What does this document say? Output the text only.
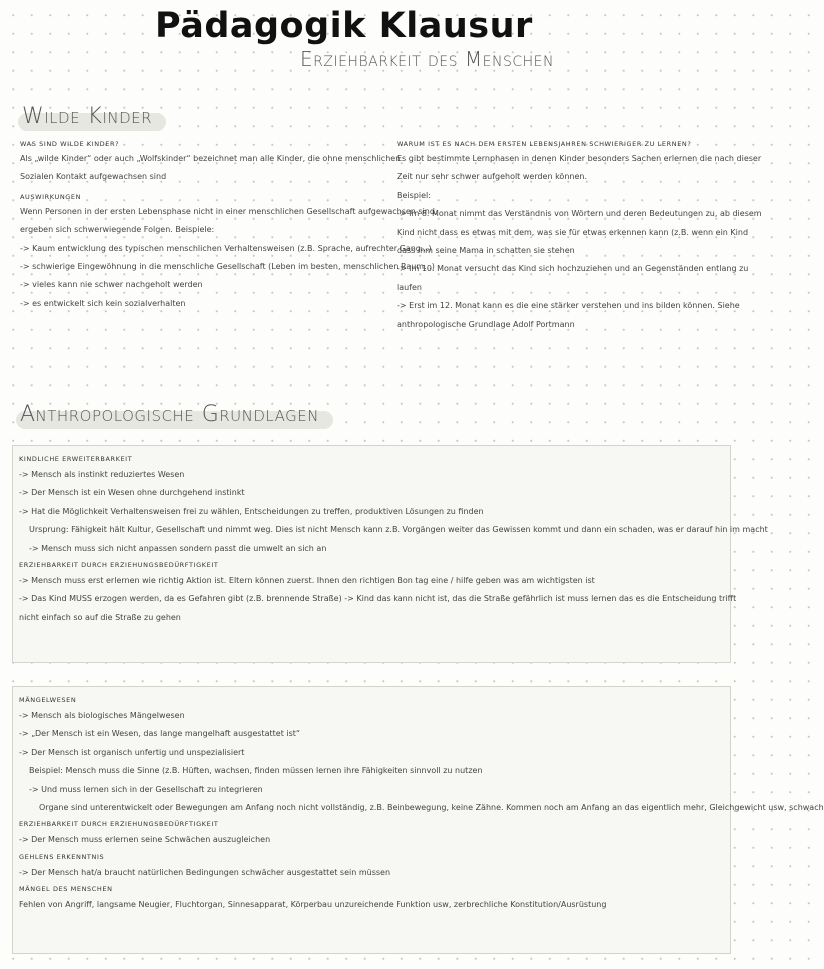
Pädagogik Klausur
Erziehbarkeit des Menschen
Wilde Kinder
WAS SIND WILDE KINDER?
Als „wilde Kinder“ oder auch „Wolfskinder“ bezeichnet man alle Kinder, die ohne menschlichen
Sozialen Kontakt aufgewachsen sind
AUSWIRKUNGEN
Wenn Personen in der ersten Lebensphase nicht in einer menschlichen Gesellschaft aufgewachsen sind,
ergeben sich schwerwiegende Folgen. Beispiele:
-> Kaum entwicklung des typischen menschlichen Verhaltensweisen (z.B. Sprache, aufrechter Gang...)
-> schwierige Eingewöhnung in die menschliche Gesellschaft (Leben im besten, menschlichen Raum...)
-> vieles kann nie schwer nachgeholt werden
-> es entwickelt sich kein sozialverhalten
WARUM IST ES NACH DEM ERSTEN LEBENSJAHREN SCHWIERIGER ZU LERNEN?
Es gibt bestimmte Lernphasen in denen Kinder besonders Sachen erlernen die nach dieser
Zeit nur sehr schwer aufgeholt werden können.
Beispiel:
-> Im 8. Monat nimmt das Verständnis von Wörtern und deren Bedeutungen zu, ab diesem
Kind nicht dass es etwas mit dem, was sie für etwas erkennen kann (z.B. wenn ein Kind
dass ihm seine Mama in schatten sie stehen
-> Im 10. Monat versucht das Kind sich hochzuziehen und an Gegenständen entlang zu
laufen
-> Erst im 12. Monat kann es die eine stärker verstehen und ins bilden können. Siehe
anthropologische Grundlage Adolf Portmann
Anthropologische Grundlagen
KINDLICHE ERWEITERBARKEIT
-> Mensch als instinkt reduziertes Wesen
-> Der Mensch ist ein Wesen ohne durchgehend instinkt
-> Hat die Möglichkeit Verhaltensweisen frei zu wählen, Entscheidungen zu treffen, produktiven Lösungen zu finden
Ursprung: Fähigkeit hält Kultur, Gesellschaft und nimmt weg. Dies ist nicht Mensch kann z.B. Vorgängen weiter das Gewissen kommt und dann ein schaden, was er darauf hin im macht
-> Mensch muss sich nicht anpassen sondern passt die umwelt an sich an
ERZIEHBARKEIT DURCH ERZIEHUNGSBEDÜRFTIGKEIT
-> Mensch muss erst erlernen wie richtig Aktion ist. Eltern können zuerst. Ihnen den richtigen Bon tag eine / hilfe geben was am wichtigsten ist
-> Das Kind MUSS erzogen werden, da es Gefahren gibt (z.B. brennende Straße) -> Kind das kann nicht ist, das die Straße gefährlich ist muss lernen das es die Entscheidung trifft
nicht einfach so auf die Straße zu gehen
MÄNGELWESEN
-> Mensch als biologisches Mängelwesen
-> „Der Mensch ist ein Wesen, das lange mangelhaft ausgestattet ist“
-> Der Mensch ist organisch unfertig und unspezialisiert
Beispiel: Mensch muss die Sinne (z.B. Hüften, wachsen, finden müssen lernen ihre Fähigkeiten sinnvoll zu nutzen
-> Und muss lernen sich in der Gesellschaft zu integrieren
Organe sind unterentwickelt oder Bewegungen am Anfang noch nicht vollständig, z.B. Beinbewegung, keine Zähne. Kommen noch am Anfang an das eigentlich mehr, Gleichgewicht usw, schwach
ERZIEHBARKEIT DURCH ERZIEHUNGSBEDÜRFTIGKEIT
-> Der Mensch muss erlernen seine Schwächen auszugleichen
GEHLENS ERKENNTNIS
-> Der Mensch hat/a braucht natürlichen Bedingungen schwächer ausgestattet sein müssen
MÄNGEL DES MENSCHEN
Fehlen von Angriff, langsame Neugier, Fluchtorgan, Sinnesapparat, Körperbau unzureichende Funktion usw, zerbrechliche Konstitution/Ausrüstung
